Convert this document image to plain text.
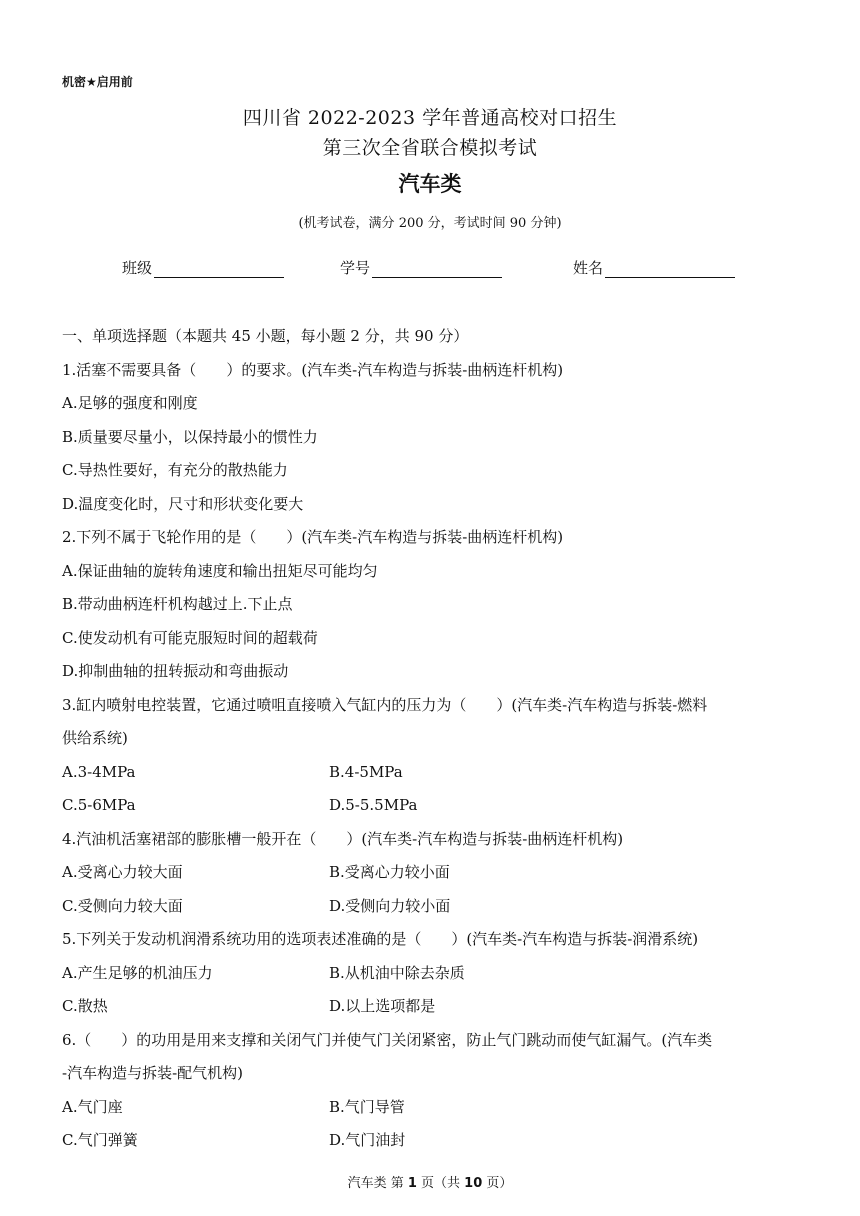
机密★启用前
四川省 2022-2023 学年普通高校对口招生
第三次全省联合模拟考试
汽车类
(机考试卷，满分 200 分，考试时间 90 分钟)
班级	学号	姓名
一、单项选择题（本题共 45 小题，每小题 2 分，共 90 分）
1.活塞不需要具备（　　）的要求。(汽车类-汽车构造与拆装-曲柄连杆机构)
A.足够的强度和刚度
B.质量要尽量小，以保持最小的惯性力
C.导热性要好，有充分的散热能力
D.温度变化时，尺寸和形状变化要大
2.下列不属于飞轮作用的是（　　）(汽车类-汽车构造与拆装-曲柄连杆机构)
A.保证曲轴的旋转角速度和输出扭矩尽可能均匀
B.带动曲柄连杆机构越过上.下止点
C.使发动机有可能克服短时间的超载荷
D.抑制曲轴的扭转振动和弯曲振动
3.缸内喷射电控装置，它通过喷咀直接喷入气缸内的压力为（　　）(汽车类-汽车构造与拆装-燃料
供给系统)
A.3-4MPa	B.4-5MPa
C.5-6MPa	D.5-5.5MPa
4.汽油机活塞裙部的膨胀槽一般开在（　　）(汽车类-汽车构造与拆装-曲柄连杆机构)
A.受离心力较大面	B.受离心力较小面
C.受侧向力较大面	D.受侧向力较小面
5.下列关于发动机润滑系统功用的选项表述准确的是（　　）(汽车类-汽车构造与拆装-润滑系统)
A.产生足够的机油压力	B.从机油中除去杂质
C.散热	D.以上选项都是
6.（　　）的功用是用来支撑和关闭气门并使气门关闭紧密，防止气门跳动而使气缸漏气。(汽车类
-汽车构造与拆装-配气机构)
A.气门座	B.气门导管
C.气门弹簧	D.气门油封
汽车类 第 1 页（共 10 页）
